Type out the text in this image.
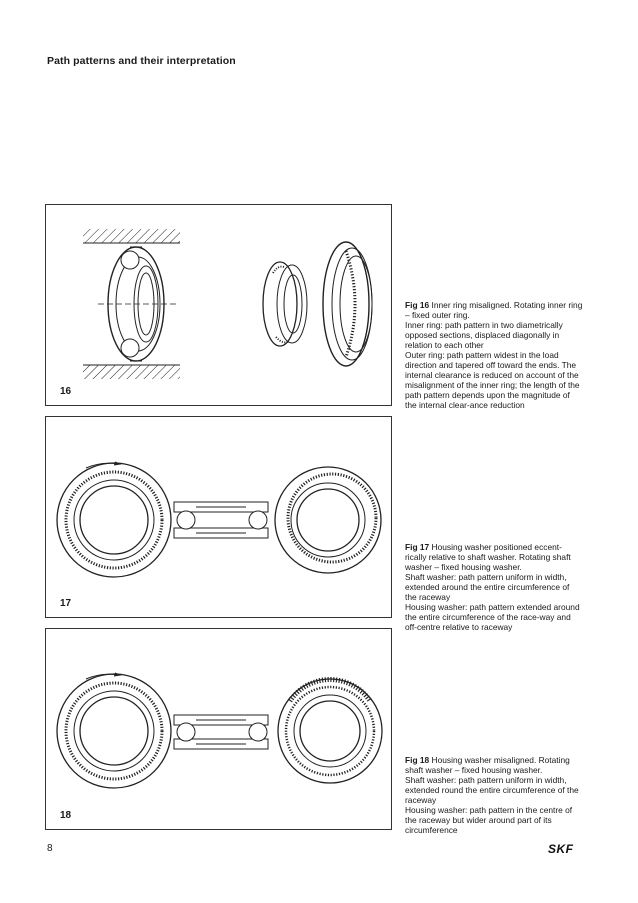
Path patterns and their interpretation
16
Fig 16 Inner ring misaligned. Rotating inner ring – fixed outer ring.
Inner ring: path pattern in two diametrically opposed sections, displaced diagonally in relation to each other
Outer ring: path pattern widest in the load direction and tapered off toward the ends. The internal clearance is reduced on account of the misalignment of the inner ring; the length of the path pattern depends upon the magnitude of the internal clear-ance reduction
17
Fig 17 Housing washer positioned eccent-rically relative to shaft washer. Rotating shaft washer – fixed housing washer.
Shaft washer: path pattern uniform in width, extended around the entire circumference of the raceway
Housing washer: path pattern extended around the entire circumference of the race-way and off-centre relative to raceway
18
Fig 18 Housing washer misaligned. Rotating shaft washer – fixed housing washer.
Shaft washer: path pattern uniform in width, extended round the entire circumference of the raceway
Housing washer: path pattern in the centre of the raceway but wider around part of its circumference
8	SKF
